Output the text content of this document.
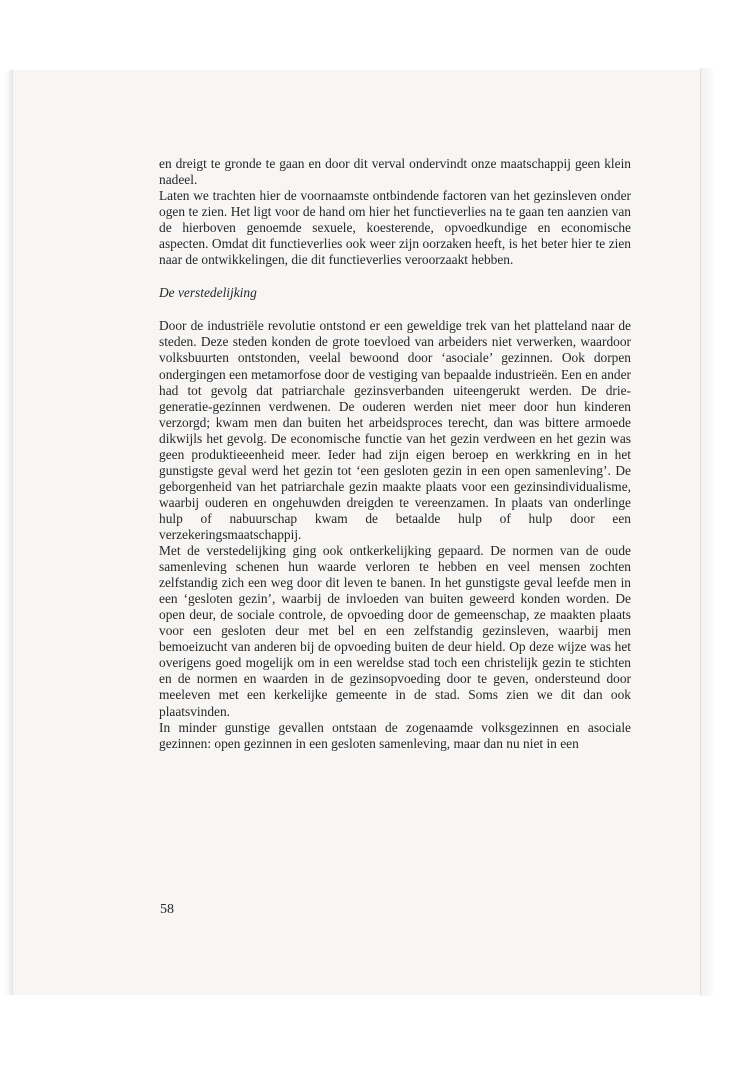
en dreigt te gronde te gaan en door dit verval ondervindt onze maatschappij geen klein nadeel.

Laten we trachten hier de voornaamste ontbindende factoren van het gezinsleven onder ogen te zien. Het ligt voor de hand om hier het functieverlies na te gaan ten aanzien van de hierboven genoemde sexuele, koesterende, opvoedkundige en economische aspecten. Omdat dit functieverlies ook weer zijn oorzaken heeft, is het beter hier te zien naar de ontwikkelingen, die dit functieverlies veroorzaakt hebben.

De verstedelijking

Door de industriële revolutie ontstond er een geweldige trek van het platteland naar de steden. Deze steden konden de grote toevloed van arbeiders niet verwerken, waardoor volksbuurten ontstonden, veelal bewoond door ‘asociale’ gezinnen. Ook dorpen ondergingen een metamorfose door de vestiging van bepaalde industrieën. Een en ander had tot gevolg dat patriarchale gezinsverbanden uiteengerukt werden. De drie-generatie-gezinnen verdwenen. De ouderen werden niet meer door hun kinderen verzorgd; kwam men dan buiten het arbeidsproces terecht, dan was bittere armoede dikwijls het gevolg. De economische functie van het gezin verdween en het gezin was geen produktieeenheid meer. Ieder had zijn eigen beroep en werkkring en in het gunstigste geval werd het gezin tot ‘een gesloten gezin in een open samenleving’. De geborgenheid van het patriarchale gezin maakte plaats voor een gezinsindividualisme, waarbij ouderen en ongehuwden dreigden te vereenzamen. In plaats van onderlinge hulp of nabuurschap kwam de betaalde hulp of hulp door een verzekeringsmaatschappij.

Met de verstedelijking ging ook ontkerkelijking gepaard. De normen van de oude samenleving schenen hun waarde verloren te hebben en veel mensen zochten zelfstandig zich een weg door dit leven te banen. In het gunstigste geval leefde men in een ‘gesloten gezin’, waarbij de invloeden van buiten geweerd konden worden. De open deur, de sociale controle, de opvoeding door de gemeenschap, ze maakten plaats voor een gesloten deur met bel en een zelfstandig gezinsleven, waarbij men bemoeizucht van anderen bij de opvoeding buiten de deur hield. Op deze wijze was het overigens goed mogelijk om in een wereldse stad toch een christelijk gezin te stichten en de normen en waarden in de gezinsopvoeding door te geven, ondersteund door meeleven met een kerkelijke gemeente in de stad. Soms zien we dit dan ook plaatsvinden.

In minder gunstige gevallen ontstaan de zogenaamde volksgezinnen en asociale gezinnen: open gezinnen in een gesloten samenleving, maar dan nu niet in een

58
